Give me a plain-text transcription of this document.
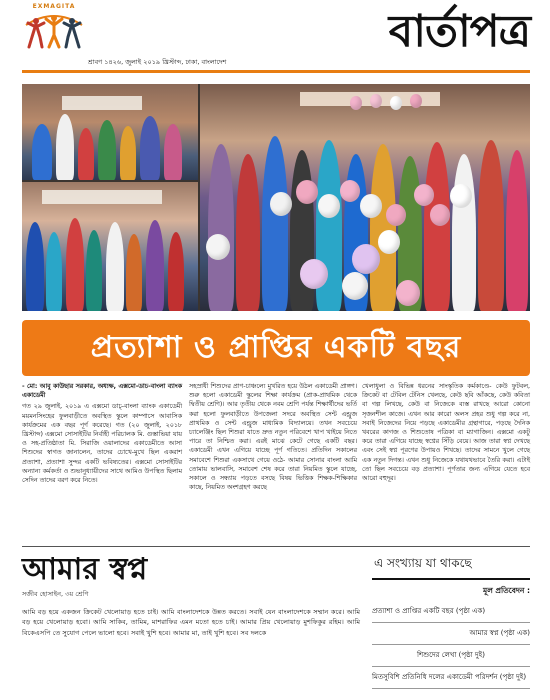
EXMAGITA
শ্রাবণ ১৪২৬, জুলাই ২০১৯ খ্রিস্টাব্দ, ঢাকা, বাংলাদেশ
বার্তাপত্র
প্রত্যাশা ও প্রাপ্তির একটি বছর
- মো: আবু কাউছার সরকার, অধ্যক্ষ, এক্সমো-ডাচ-বাংলা ব্যাংক একাডেমী
গত ২৯ জুলাই, ২০১৯ এ এক্সমো ডাচ্-বাংলা ব্যাংক একাডেমী ময়মনসিংহের ফুলবাড়ীতে অবস্থিত স্কুলে কাম্পাসে আবাসিক কার্যক্রমের এক বছর পূর্ণ করেছে। গত (২০ জুলাই, ২০১৮ খ্রিস্টাব্দ) এক্সমো সোসাইটির নির্বাহী পরিচালক মি. গুস্তাভিয়া যায় ও সহ-প্রতিষ্ঠাতা মি. সিরাজি ওয়ালাদের একাডেমীতে আসা শিশুদের স্বাগত জানালেন, তাদের চোখে-মুখে ছিল একরাশ প্রত্যাশা, প্রত্যাশা সুন্দর একটি ভবিষ্যতের। এক্সমো সোসাইটির অন্যান্য কর্মকর্তা ও শুভানুধ্যায়ীদের সাথে আমিও উপস্থিত ছিলাম সেদিন তাদের বরণ করে নিতে।
সহস্রাধী শিশুদের প্রাণ-চাঞ্চল্যে মুখরিত হয়ে উঠল একাডেমী প্রাঙ্গণ। শুরু হলো একাডেমী স্কুলের শিক্ষা কার্যক্রম (প্রাক-প্রাথমিক থেকে দ্বিতীয় শ্রেণি)। আর তৃতীয় থেকে নবম শ্রেণি পর্যন্ত শিক্ষার্থীদের ভর্তি করা হলো ফুলবাড়ীতে উপজেলা সদরে অবস্থিত সেন্ট এন্ড্রুজ প্রাথমিক ও সেন্ট এন্ড্রুজ মাধ্যমিক বিদ্যালয়ে। তখন সবচেয়ে চ্যালেঞ্জিং ছিল শিশুরা যাতে দ্রুত নতুন পরিবেশে খাপ খাইয়ে নিতে পারে তা নিশ্চিত করা। এরই মাঝে কেটে গেছে একটি বছর। একাডেমী এখন এগিয়ে যাচ্ছে পূর্ণ গতিতে। প্রতিদিন সকালের সমাবেশে শিশুরা একসাথে গেয়ে ওঠে- আমার সোনার বাংলা আমি তোমায় ভালবাসি, সমাবেশ শেষ করে তারা নিয়মিত স্কুলে যাচ্ছে, সকালে ও সন্ধ্যায় পড়তে বসছে বিষয় ভিত্তিক শিক্ষক-শিক্ষিকার কাছে, নিয়মিত অংশগ্রহণ করছে
খেলাধুলা ও বিভিন্ন ধরনের সাংস্কৃতিক কর্মকাণ্ডে- কেউ ফুটবল, ক্রিকেট বা টেবিল টেনিস খেলছে, কেউ ছবি আঁকছে, কেউ কবিতা বা গল্প লিখছে, কেউ বা নিজেকে ব্যস্ত রাখছে আরো কোনো সৃজনশীল কাজে। এখন আর কারো অলস প্রহর শুধু গল্প করে না, সবাই নিজেদের নিয়ে পড়ছে একাডেমীর গ্রন্থাগারে, পড়ছে দৈনিক খবরের কাগজ ও শিশুতোষ পত্রিকা বা ম্যাগাজিন। এক্সমো একটু করে তারা এগিয়ে যাচ্ছে স্বপ্নের সিঁড়ি বেয়ে। আজ তারা স্বপ্ন দেখছে এবং সেই স্বপ্ন পূরণের উপায়ও শিখছে। তাদের সামনে খুলে গেছে এক নতুন দিগন্ত। এখন শুধু নিজেকে যথাযথভাবে তৈরি করা। এটাই তো ছিল সবচেয়ে বড় প্রত্যাশা। পূর্ণতার জন্য এগিয়ে যেতে হবে আরো বহুদূর।
আমার স্বপ্ন
সজীব হোসাইন, ৩য় শ্রেণি
আমি বড় হয়ে একজন ক্রিকেট খেলোয়াড় হতে চাই। আমি বাংলাদেশকে উন্নত করতে। সবাই যেন বাংলাদেশকে সম্মান করে। আমি বড় হয়ে খেলোয়াড় হবো। আমি সাকিব, তামিম, মাশরাফির এমন মতো হতে চাই। আমার প্রিয় খেলোয়াড় মুশফিকুর রহিম। আমি বিকেএসপি তে সুযোগ পেলে ভালো হবে। সবাই খুশি হবে। আমার মা, তাই খুশি হবে। সব দলকে
এ সংখ্যায় যা থাকছে
মূল প্রতিবেদন :
প্রত্যাশা ও প্রাপ্তির একটি বছর (পৃষ্ঠা এক)
আমার স্বপ্ন (পৃষ্ঠা এক)
শিশুদের লেখা (পৃষ্ঠা দুই)
মিতসুবিশি প্রতিনিধি দলের একাডেমী পরিদর্শন (পৃষ্ঠা দুই)
